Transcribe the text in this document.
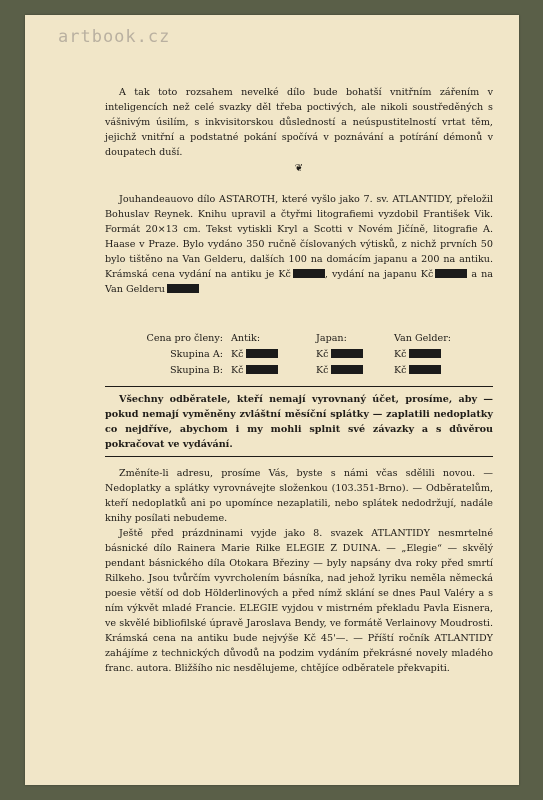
artbook.cz

A tak toto rozsahem nevelké dílo bude bohatší vnitřním zářením v inteligencích než celé svazky děl třeba poctivých, ale nikoli soustředěných s vášnivým úsilím, s inkvisitorskou důsledností a neúspustitelností vrtat těm, jejichž vnitřní a podstatné pokání spočívá v poznávání a potírání démonů v doupatech duší.

❦

Jouhandeauovo dílo ASTAROTH, které vyšlo jako 7. sv. ATLANTIDY, přeložil Bohuslav Reynek. Knihu upravil a čtyřmi litografiemi vyzdobil František Vik. Formát 20×13 cm. Tekst vytiskli Kryl a Scotti v Novém Jičíně, litografie A. Haase v Praze. Bylo vydáno 350 ručně číslovaných výtisků, z nichž prvních 50 bylo tištěno na Van Gelderu, dalších 100 na domácím japanu a 200 na antiku. Krámská cena vydání na antiku je Kč	, vydání na japanu Kč	a na Van Gelderu

Cena pro členy: Antik:	Japan:	Van Gelder:
Skupina A: Kč	Kč	Kč
Skupina B: Kč	Kč	Kč

Všechny odběratele, kteří nemají vyrovnaný účet, prosíme, aby — pokud nemají vyměněny zvláštní měsíční splátky — zaplatili nedoplatky co nejdříve, abychom i my mohli splnit své závazky a s důvěrou pokračovat ve vydávání.

Změníte-li adresu, prosíme Vás, byste s námi včas sdělili novou. — Nedoplatky a splátky vyrovnávejte složenkou (103.351-Brno). — Odběratelům, kteří nedoplatků ani po upomínce nezaplatili, nebo splátek nedodržují, nadále knihy posílati nebudeme.

Ještě před prázdninami vyjde jako 8. svazek ATLANTIDY nesmrtelné básnické dílo Rainera Marie Rilke ELEGIE Z DUINA. — „Elegie“ — skvělý pendant básnického díla Otokara Březiny — byly napsány dva roky před smrtí Rilkeho. Jsou tvůrčím vyvrcholením básníka, nad jehož lyriku neměla německá poesie větší od dob Hölderlinových a před nímž sklání se dnes Paul Valéry a s ním výkvět mladé Francie. ELEGIE vyjdou v mistrném překladu Pavla Eisnera, ve skvělé bibliofilské úpravě Jaroslava Bendy, ve formátě Verlainovy Moudrosti. Krámská cena na antiku bude nejvýše Kč 45'—. — Příští ročník ATLANTIDY zahájíme z technických důvodů na podzim vydáním překrásné novely mladého franc. autora. Bližšího nic nesdělujeme, chtějíce odběratele překvapiti.
